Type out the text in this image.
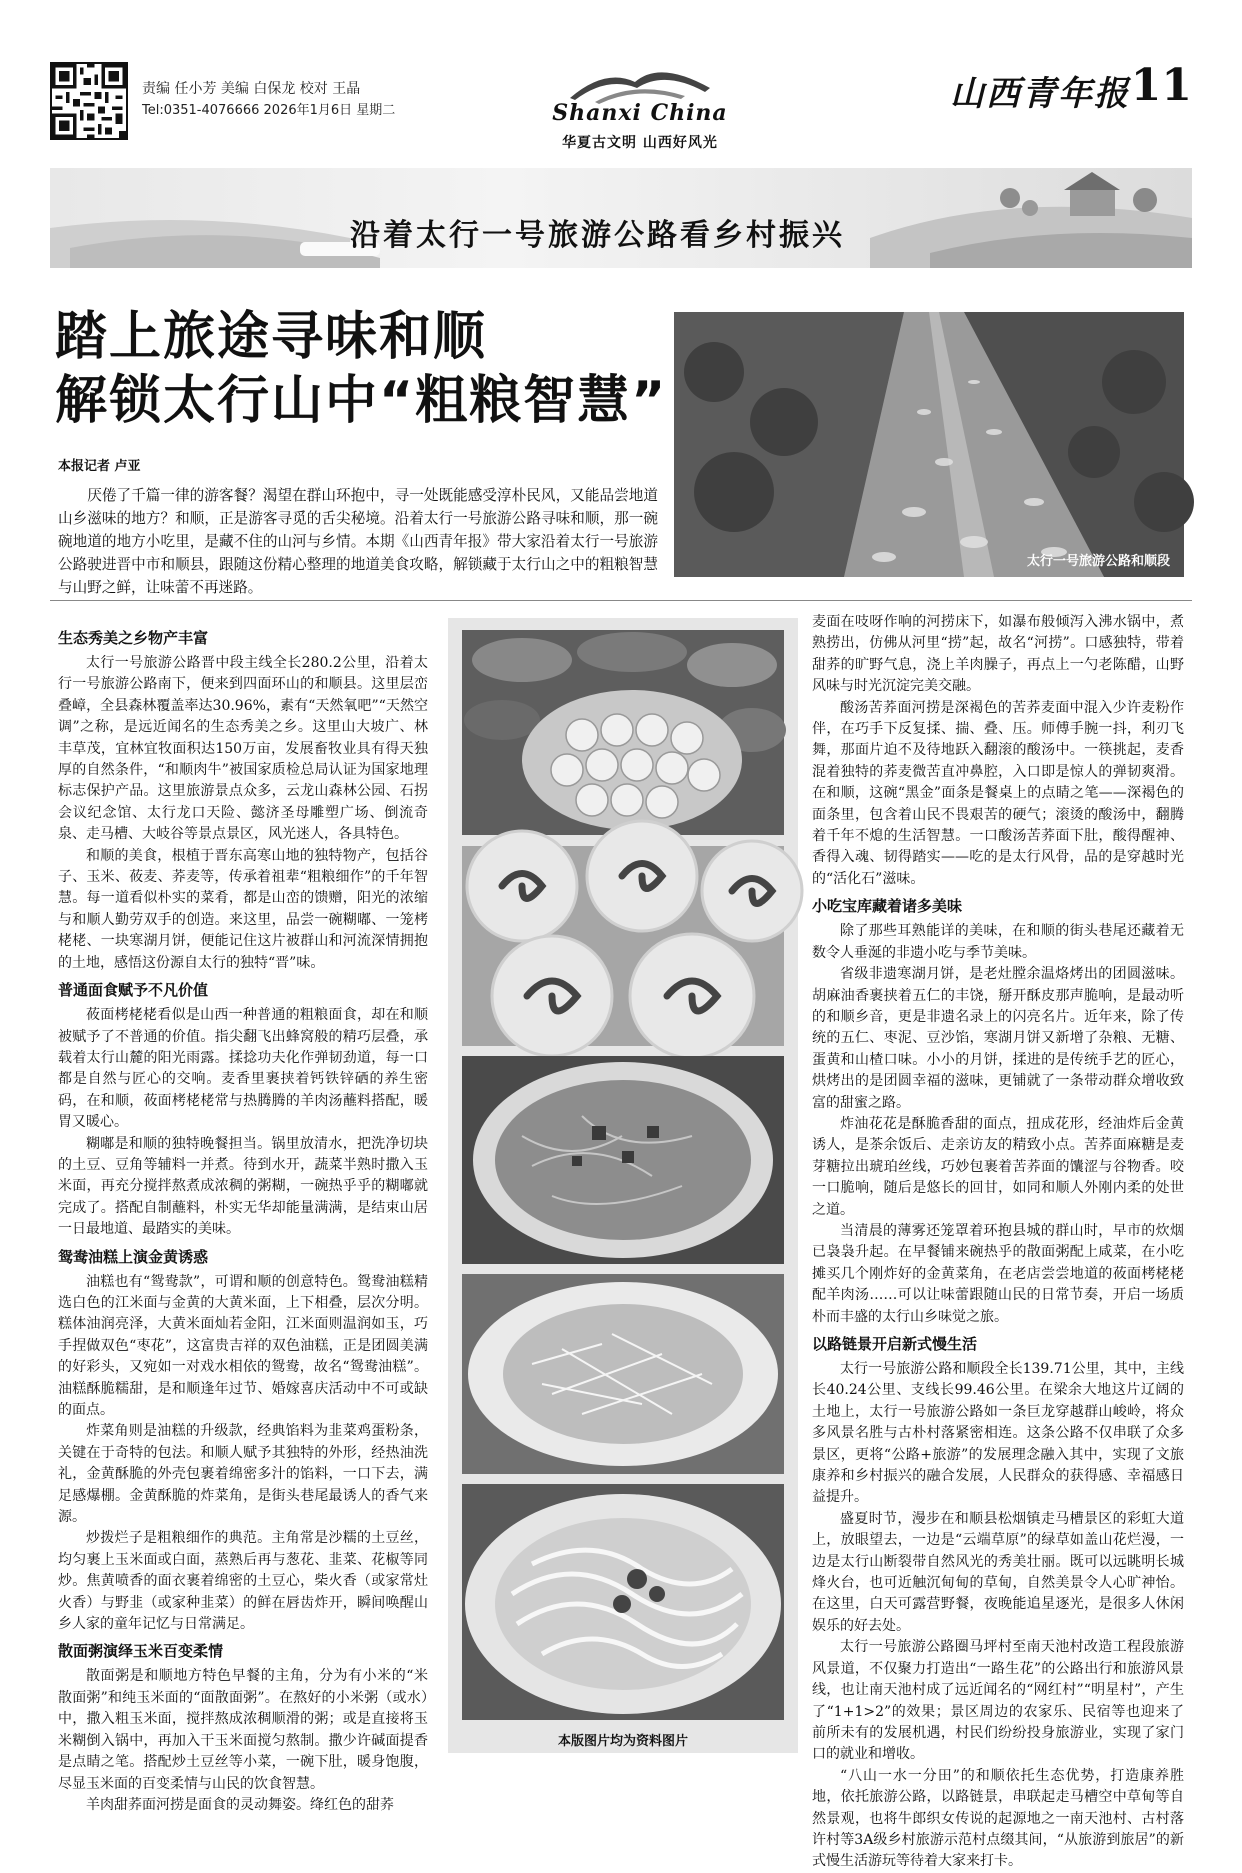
责编 任小芳 美编 白保龙 校对 王晶
Tel:0351-4076666 2026年1月6日 星期二	Shanxi China
华夏古文明 山西好风光
山西青年报 11
沿着太行一号旅游公路看乡村振兴
踏上旅途寻味和顺
解锁太行山中“粗粮智慧”
本报记者 卢亚
厌倦了千篇一律的游客餐？渴望在群山环抱中，寻一处既能感受淳朴民风，又能品尝地道山乡滋味的地方？和顺，正是游客寻觅的舌尖秘境。沿着太行一号旅游公路寻味和顺，那一碗碗地道的地方小吃里，是藏不住的山河与乡情。本期《山西青年报》带大家沿着太行一号旅游公路驶进晋中市和顺县，跟随这份精心整理的地道美食攻略，解锁藏于太行山之中的粗粮智慧与山野之鲜，让味蕾不再迷路。
太行一号旅游公路和顺段
生态秀美之乡物产丰富

太行一号旅游公路晋中段主线全长280.2公里，沿着太行一号旅游公路南下，便来到四面环山的和顺县。这里层峦叠嶂，全县森林覆盖率达30.96%，素有“天然氧吧”“天然空调”之称，是远近闻名的生态秀美之乡。这里山大坡广、林丰草茂，宜林宜牧面积达150万亩，发展畜牧业具有得天独厚的自然条件，“和顺肉牛”被国家质检总局认证为国家地理标志保护产品。这里旅游景点众多，云龙山森林公园、石拐会议纪念馆、太行龙口天险、懿济圣母雕塑广场、倒流奇泉、走马槽、大岐谷等景点景区，风光迷人，各具特色。

和顺的美食，根植于晋东高寒山地的独特物产，包括谷子、玉米、莜麦、荞麦等，传承着祖辈“粗粮细作”的千年智慧。每一道看似朴实的菜肴，都是山峦的馈赠，阳光的浓缩与和顺人勤劳双手的创造。来这里，品尝一碗糊嘟、一笼栲栳栳、一块寒湖月饼，便能记住这片被群山和河流深情拥抱的土地，感悟这份源自太行的独特“晋”味。

普通面食赋予不凡价值

莜面栲栳栳看似是山西一种普通的粗粮面食，却在和顺被赋予了不普通的价值。指尖翻飞出蜂窝般的精巧层叠，承载着太行山麓的阳光雨露。揉捻功夫化作弹韧劲道，每一口都是自然与匠心的交响。麦香里裹挟着钙铁锌硒的养生密码，在和顺，莜面栲栳栳常与热腾腾的羊肉汤蘸料搭配，暖胃又暖心。

糊嘟是和顺的独特晚餐担当。锅里放清水，把洗净切块的土豆、豆角等辅料一并煮。待到水开，蔬菜半熟时撒入玉米面，再充分搅拌熬煮成浓稠的粥糊，一碗热乎乎的糊嘟就完成了。搭配自制蘸料，朴实无华却能量满满，是结束山居一日最地道、最踏实的美味。

鸳鸯油糕上演金黄诱惑

油糕也有“鸳鸯款”，可谓和顺的创意特色。鸳鸯油糕精选白色的江米面与金黄的大黄米面，上下相叠，层次分明。糕体油润亮泽，大黄米面灿若金阳，江米面则温润如玉，巧手捏做双色“枣花”，这富贵吉祥的双色油糕，正是团圆美满的好彩头，又宛如一对戏水相依的鸳鸯，故名“鸳鸯油糕”。油糕酥脆糯甜，是和顺逢年过节、婚嫁喜庆活动中不可或缺的面点。

炸菜角则是油糕的升级款，经典馅料为韭菜鸡蛋粉条，关键在于奇特的包法。和顺人赋予其独特的外形，经热油洗礼，金黄酥脆的外壳包裹着绵密多汁的馅料，一口下去，满足感爆棚。金黄酥脆的炸菜角，是街头巷尾最诱人的香气来源。

炒拨烂子是粗粮细作的典范。主角常是沙糯的土豆丝，均匀裹上玉米面或白面，蒸熟后再与葱花、韭菜、花椒等同炒。焦黄喷香的面衣裹着绵密的土豆心，柴火香（或家常灶火香）与野韭（或家种韭菜）的鲜在唇齿炸开，瞬间唤醒山乡人家的童年记忆与日常满足。

散面粥演绎玉米百变柔情

散面粥是和顺地方特色早餐的主角，分为有小米的“米散面粥”和纯玉米面的“面散面粥”。在熬好的小米粥（或水）中，撒入粗玉米面，搅拌熬成浓稠顺滑的粥；或是直接将玉米糊倒入锅中，再加入干玉米面搅匀熬制。撒少许碱面提香是点睛之笔。搭配炒土豆丝等小菜，一碗下肚，暖身饱腹，尽显玉米面的百变柔情与山民的饮食智慧。

羊肉甜荞面河捞是面食的灵动舞姿。绛红色的甜荞

本版图片均为资料图片

麦面在吱呀作响的河捞床下，如瀑布般倾泻入沸水锅中，煮熟捞出，仿佛从河里“捞”起，故名“河捞”。口感独特，带着甜荞的旷野气息，浇上羊肉臊子，再点上一勺老陈醋，山野风味与时光沉淀完美交融。

酸汤苦荞面河捞是深褐色的苦荞麦面中混入少许麦粉作伴，在巧手下反复揉、揣、叠、压。师傅手腕一抖，利刃飞舞，那面片迫不及待地跃入翻滚的酸汤中。一筷挑起，麦香混着独特的荞麦微苦直冲鼻腔，入口即是惊人的弹韧爽滑。在和顺，这碗“黑金”面条是餐桌上的点睛之笔——深褐色的面条里，包含着山民不畏艰苦的硬气；滚烫的酸汤中，翻腾着千年不熄的生活智慧。一口酸汤苦荞面下肚，酸得醒神、香得入魂、韧得踏实——吃的是太行风骨，品的是穿越时光的“活化石”滋味。

小吃宝库藏着诸多美味

除了那些耳熟能详的美味，在和顺的街头巷尾还藏着无数令人垂涎的非遗小吃与季节美味。

省级非遗寒湖月饼，是老灶膛余温烙烤出的团圆滋味。胡麻油香裹挟着五仁的丰饶，掰开酥皮那声脆响，是最动听的和顺乡音，更是非遗名录上的闪亮名片。近年来，除了传统的五仁、枣泥、豆沙馅，寒湖月饼又新增了杂粮、无糖、蛋黄和山楂口味。小小的月饼，揉进的是传统手艺的匠心，烘烤出的是团圆幸福的滋味，更铺就了一条带动群众增收致富的甜蜜之路。

炸油花花是酥脆香甜的面点，扭成花形，经油炸后金黄诱人，是茶余饭后、走亲访友的精致小点。苦荞面麻糖是麦芽糖拉出琥珀丝线，巧妙包裹着苦荞面的馕涩与谷物香。咬一口脆响，随后是悠长的回甘，如同和顺人外刚内柔的处世之道。

当清晨的薄雾还笼罩着环抱县城的群山时，早市的炊烟已袅袅升起。在早餐铺来碗热乎的散面粥配上咸菜，在小吃摊买几个刚炸好的金黄菜角，在老店尝尝地道的莜面栲栳栳配羊肉汤……可以让味蕾跟随山民的日常节奏，开启一场质朴而丰盛的太行山乡味觉之旅。

以路链景开启新式慢生活

太行一号旅游公路和顺段全长139.71公里，其中，主线长40.24公里、支线长99.46公里。在梁余大地这片辽阔的土地上，太行一号旅游公路如一条巨龙穿越群山峻岭，将众多风景名胜与古朴村落紧密相连。这条公路不仅串联了众多景区，更将“公路+旅游”的发展理念融入其中，实现了文旅康养和乡村振兴的融合发展，人民群众的获得感、幸福感日益提升。

盛夏时节，漫步在和顺县松烟镇走马槽景区的彩虹大道上，放眼望去，一边是“云端草原”的绿草如盖山花烂漫，一边是太行山断裂带自然风光的秀美壮丽。既可以远眺明长城烽火台，也可近触沉甸甸的草甸，自然美景令人心旷神怡。在这里，白天可露营野餐，夜晚能追星逐光，是很多人休闲娱乐的好去处。

太行一号旅游公路圈马坪村至南天池村改造工程段旅游风景道，不仅聚力打造出“一路生花”的公路出行和旅游风景线，也让南天池村成了远近闻名的“网红村”“明星村”，产生了“1+1>2”的效果；景区周边的农家乐、民宿等也迎来了前所未有的发展机遇，村民们纷纷投身旅游业，实现了家门口的就业和增收。

“八山一水一分田”的和顺依托生态优势，打造康养胜地，依托旅游公路，以路链景，串联起走马槽空中草甸等自然景观，也将牛郎织女传说的起源地之一南天池村、古村落许村等3A级乡村旅游示范村点缀其间，“从旅游到旅居”的新式慢生活游玩等待着大家来打卡。
